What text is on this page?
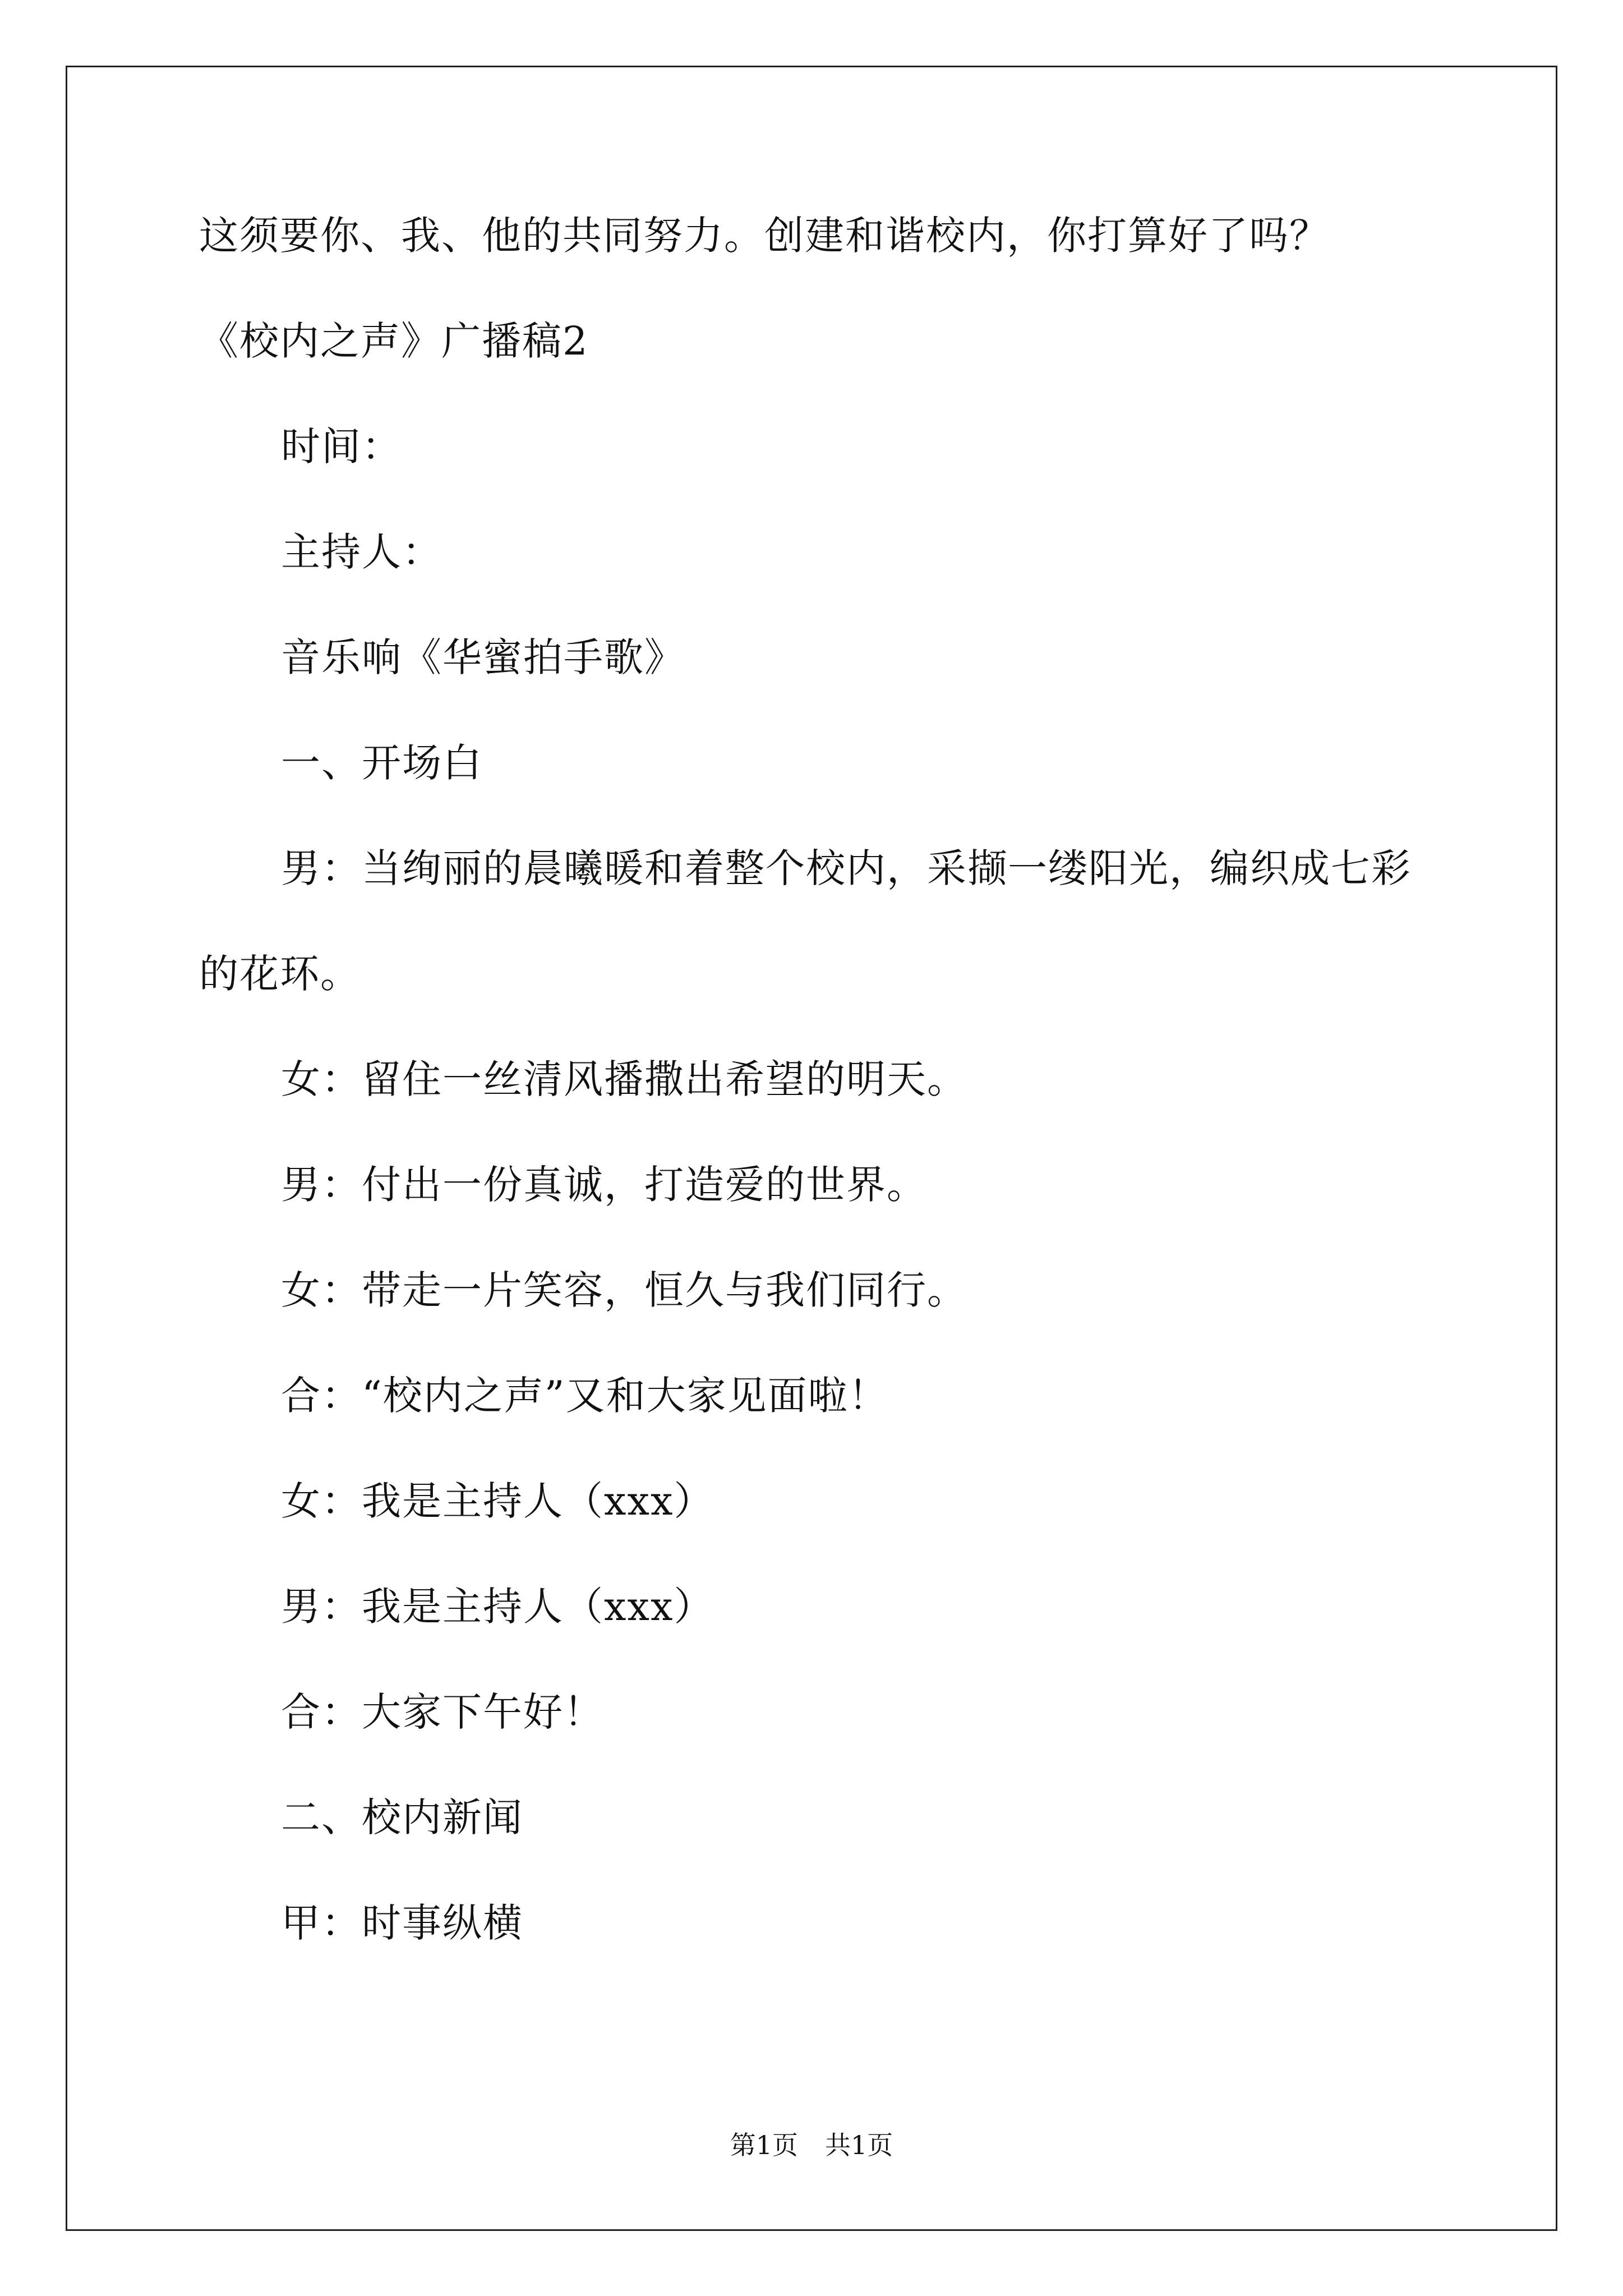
这须要你、我、他的共同努力。创建和谐校内，你打算好了吗？

《校内之声》广播稿2

时间：

主持人：

音乐响《华蜜拍手歌》

一、开场白

男：当绚丽的晨曦暖和着整个校内，采撷一缕阳光，编织成七彩

的花环。

女：留住一丝清风播撒出希望的明天。

男：付出一份真诚，打造爱的世界。

女：带走一片笑容，恒久与我们同行。

合：“校内之声”又和大家见面啦！

女：我是主持人（xxx）

男：我是主持人（xxx）

合：大家下午好！

二、校内新闻

甲：时事纵横

第1页 共1页
